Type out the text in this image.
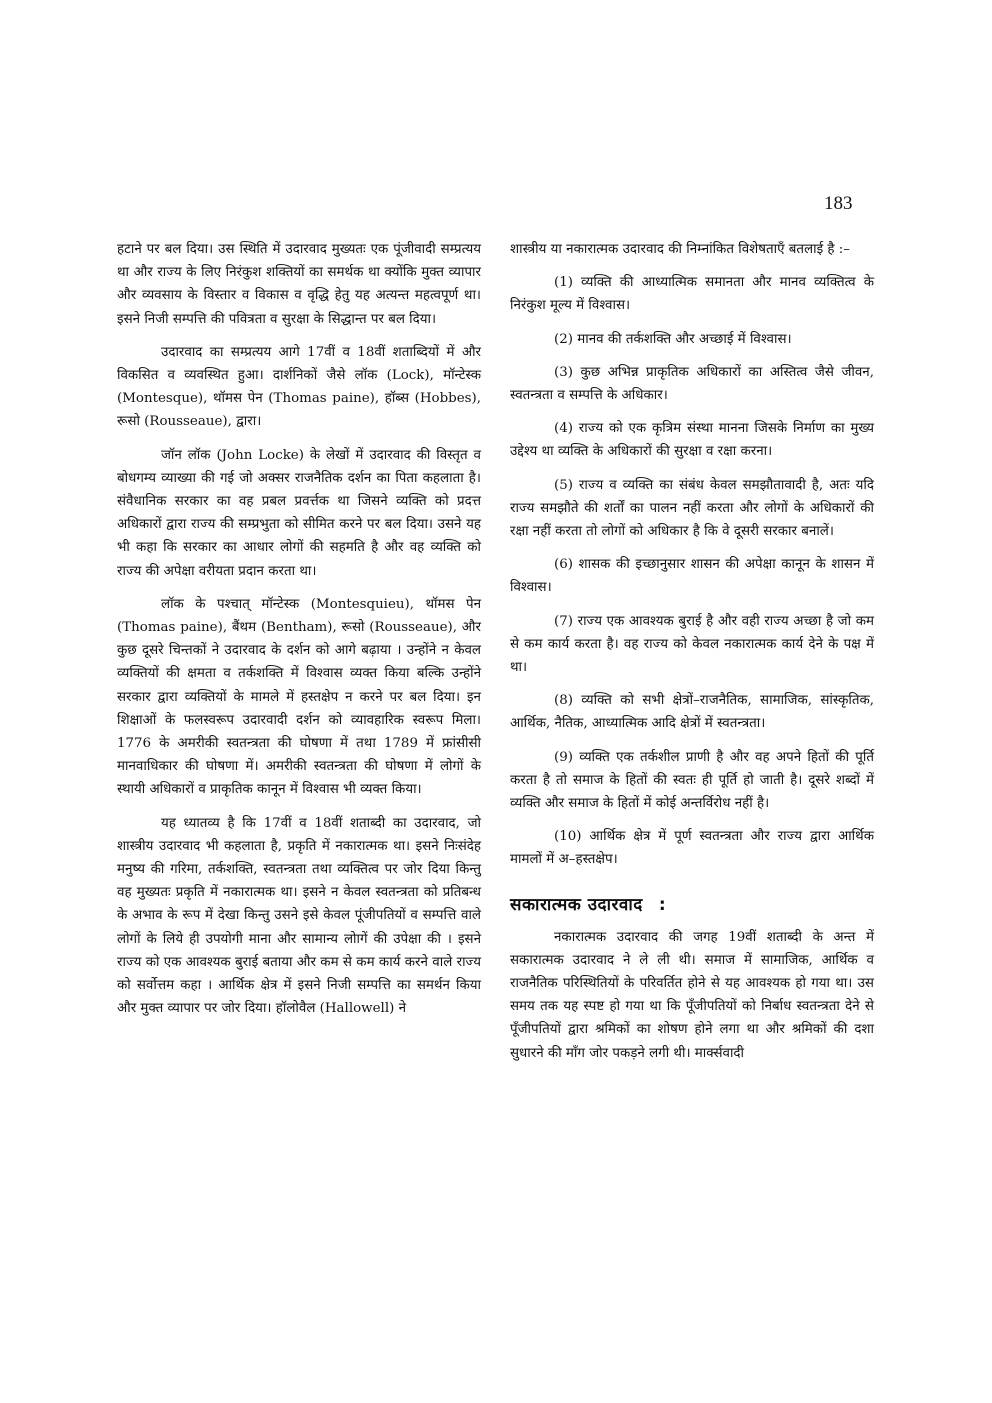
183

हटाने पर बल दिया। उस स्थिति में उदारवाद मुख्यतः एक पूंजीवादी सम्प्रत्यय था और राज्य के लिए निरंकुश शक्तियों का समर्थक था क्योंकि मुक्त व्यापार और व्यवसाय के विस्तार व विकास व वृद्धि हेतु यह अत्यन्त महत्वपूर्ण था। इसने निजी सम्पत्ति की पवित्रता व सुरक्षा के सिद्धान्त पर बल दिया।

उदारवाद का सम्प्रत्यय आगे 17वीं व 18वीं शताब्दियों में और विकसित व व्यवस्थित हुआ। दार्शनिकों जैसे लॉक (Lock), मॉन्टेस्क (Montesque), थॉमस पेन (Thomas paine), हॉब्स (Hobbes), रूसो (Rousseaue), द्वारा।

जॉन लॉक (John Locke) के लेखों में उदारवाद की विस्तृत व बोधगम्य व्याख्या की गई जो अक्सर राजनैतिक दर्शन का पिता कहलाता है। संवैधानिक सरकार का वह प्रबल प्रवर्त्तक था जिसने व्यक्ति को प्रदत्त अधिकारों द्वारा राज्य की सम्प्रभुता को सीमित करने पर बल दिया। उसने यह भी कहा कि सरकार का आधार लोगों की सहमति है और वह व्यक्ति को राज्य की अपेक्षा वरीयता प्रदान करता था।

लॉक के पश्चात् मॉन्टेस्क (Montesquieu), थॉमस पेन (Thomas paine), बैंथम (Bentham), रूसो (Rousseaue), और कुछ दूसरे चिन्तकों ने उदारवाद के दर्शन को आगे बढ़ाया । उन्होंने न केवल व्यक्तियों की क्षमता व तर्कशक्ति में विश्वास व्यक्त किया बल्कि उन्होंने सरकार द्वारा व्यक्तियों के मामले में हस्तक्षेप न करने पर बल दिया। इन शिक्षाओं के फलस्वरूप उदारवादी दर्शन को व्यावहारिक स्वरूप मिला। 1776 के अमरीकी स्वतन्त्रता की घोषणा में तथा 1789 में फ्रांसीसी मानवाधिकार की घोषणा में। अमरीकी स्वतन्त्रता की घोषणा में लोगों के स्थायी अधिकारों व प्राकृतिक कानून में विश्वास भी व्यक्त किया।

यह ध्यातव्य है कि 17वीं व 18वीं शताब्दी का उदारवाद, जो शास्त्रीय उदारवाद भी कहलाता है, प्रकृति में नकारात्मक था। इसने निःसंदेह मनुष्य की गरिमा, तर्कशक्ति, स्वतन्त्रता तथा व्यक्तित्व पर जोर दिया किन्तु वह मुख्यतः प्रकृति में नकारात्मक था। इसने न केवल स्वतन्त्रता को प्रतिबन्ध के अभाव के रूप में देखा किन्तु उसने इसे केवल पूंजीपतियों व सम्पत्ति वाले लोगों के लिये ही उपयोगी माना और सामान्य लोागें की उपेक्षा की । इसने राज्य को एक आवश्यक बुराई बताया और कम से कम कार्य करने वाले राज्य को सर्वोत्तम कहा । आर्थिक क्षेत्र में इसने निजी सम्पत्ति का समर्थन किया और मुक्त व्यापार पर जोर दिया। हॉलोवैल (Hallowell) ने

शास्त्रीय या नकारात्मक उदारवाद की निम्नांकित विशेषताएँ बतलाई है :–

(1) व्यक्ति की आध्यात्मिक समानता और मानव व्यक्तित्व के निरंकुश मूल्य में विश्वास।

(2) मानव की तर्कशक्ति और अच्छाई में विश्वास।

(3) कुछ अभिन्न प्राकृतिक अधिकारों का अस्तित्व जैसे जीवन, स्वतन्त्रता व सम्पत्ति के अधिकार।

(4) राज्य को एक कृत्रिम संस्था मानना जिसके निर्माण का मुख्य उद्देश्य था व्यक्ति के अधिकारों की सुरक्षा व रक्षा करना।

(5) राज्य व व्यक्ति का संबंध केवल समझौतावादी है, अतः यदि राज्य समझौते की शर्तों का पालन नहीं करता और लोगों के अधिकारों की रक्षा नहीं करता तो लोगों को अधिकार है कि वे दूसरी सरकार बनालें।

(6) शासक की इच्छानुसार शासन की अपेक्षा कानून के शासन में विश्वास।

(7) राज्य एक आवश्यक बुराई है और वही राज्य अच्छा है जो कम से कम कार्य करता है। वह राज्य को केवल नकारात्मक कार्य देने के पक्ष में था।

(8) व्यक्ति को सभी क्षेत्रों–राजनैतिक, सामाजिक, सांस्कृतिक, आर्थिक, नैतिक, आध्यात्मिक आदि क्षेत्रों में स्वतन्त्रता।

(9) व्यक्ति एक तर्कशील प्राणी है और वह अपने हितों की पूर्ति करता है तो समाज के हितों की स्वतः ही पूर्ति हो जाती है। दूसरे शब्दों में व्यक्ति और समाज के हितों में कोई अन्तर्विरोध नहीं है।

(10) आर्थिक क्षेत्र में पूर्ण स्वतन्त्रता और राज्य द्वारा आर्थिक मामलों में अ–हस्तक्षेप।

सकारात्मक उदारवाद :

नकारात्मक उदारवाद की जगह 19वीं शताब्दी के अन्त में सकारात्मक उदारवाद ने ले ली थी। समाज में सामाजिक, आर्थिक व राजनैतिक परिस्थितियों के परिवर्तित होने से यह आवश्यक हो गया था। उस समय तक यह स्पष्ट हो गया था कि पूँजीपतियों को निर्बाध स्वतन्त्रता देने से पूँजीपतियों द्वारा श्रमिकों का शोषण होने लगा था और श्रमिकों की दशा सुधारने की माँग जोर पकड़ने लगी थी। मार्क्सवादी
